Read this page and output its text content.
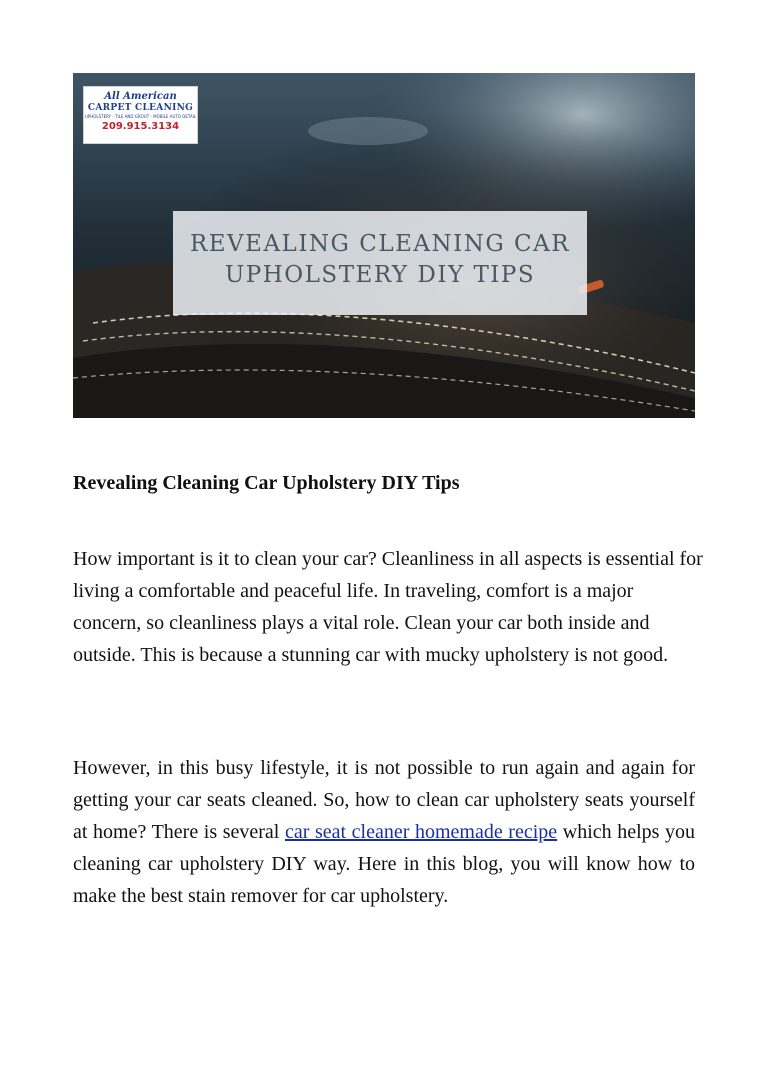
All American
CARPET CLEANING
UPHOLSTERY - TILE AND GROUT - MOBILE AUTO DETAIL
209.915.3134
REVEALING CLEANING CAR
UPHOLSTERY DIY TIPS
Revealing Cleaning Car Upholstery DIY Tips

How important is it to clean your car? Cleanliness in all aspects is essential for living a comfortable and peaceful life. In traveling, comfort is a major concern, so cleanliness plays a vital role. Clean your car both inside and outside. This is because a stunning car with mucky upholstery is not good.

However, in this busy lifestyle, it is not possible to run again and again for getting your car seats cleaned. So, how to clean car upholstery seats yourself at home? There is several car seat cleaner homemade recipe which helps you cleaning car upholstery DIY way. Here in this blog, you will know how to make the best stain remover for car upholstery.
